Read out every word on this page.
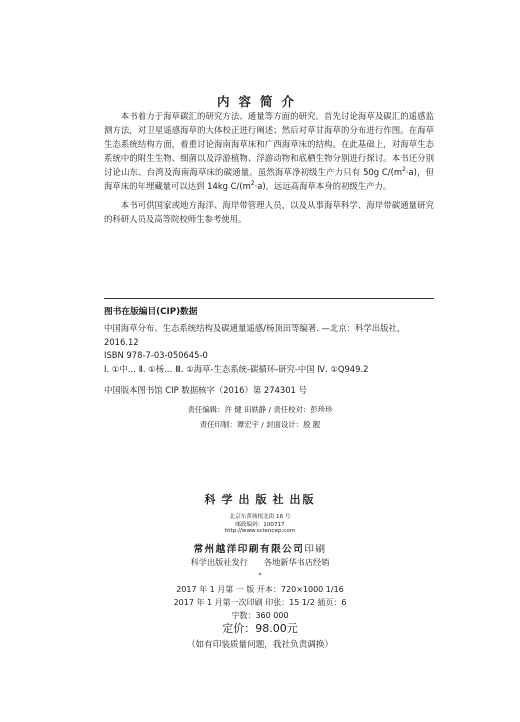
内容简介

本书着力于海草碳汇的研究方法、通量等方面的研究。首先讨论海草及碳汇的遥感监测方法，对卫星遥感海草的大体校正进行阐述；然后对草甘海草的分布进行作图。在海草生态系统结构方面，着重讨论海南海草床和广西海草床的结构。在此基础上，对海草生态系统中的附生生物、细菌以及浮游植物、浮游动物和底栖生物分别进行探讨。本书还分别讨论山东、台湾及海南海草床的碳通量。虽然海草净初级生产力只有 50g $C/(m^2\cdot a)$，但海草床的年埋藏量可以达到 14kg $C/(m^2\cdot a)$，远远高海草本身的初级生产力。

本书可供国家或地方海洋、海岸带管理人员，以及从事海草科学、海岸带碳通量研究的科研人员及高等院校师生参考使用。

图书在版编目(CIP)数据
中国海草分布、生态系统结构及碳通量遥感/杨顶田等编著. —北京：科学出版社，2016.12

ISBN 978-7-03-050645-0

Ⅰ. ①中… Ⅱ. ①杨… Ⅲ. ①海草-生态系统-碳循环-研究-中国 Ⅳ. ①Q949.2

中国版本图书馆 CIP 数据核字（2016）第 274301 号
责任编辑：许 健 田轶静 / 责任校对：彭珍珍
责任印制：谭宏宇 / 封面设计：殷 靓
科学出版社出版
北京东黄城根北街 16 号
邮政编码：100717
http://www.sciencep.com
常州越洋印刷有限公司印刷
科学出版社发行 各地新华书店经销
*
2017 年 1 月第 一 版 开本：720×1000 1/16
2017 年 1 月第一次印刷 印张：15 1/2 插页：6
字数：360 000
定价：98.00元
（如有印装质量问题，我社负责调换）
